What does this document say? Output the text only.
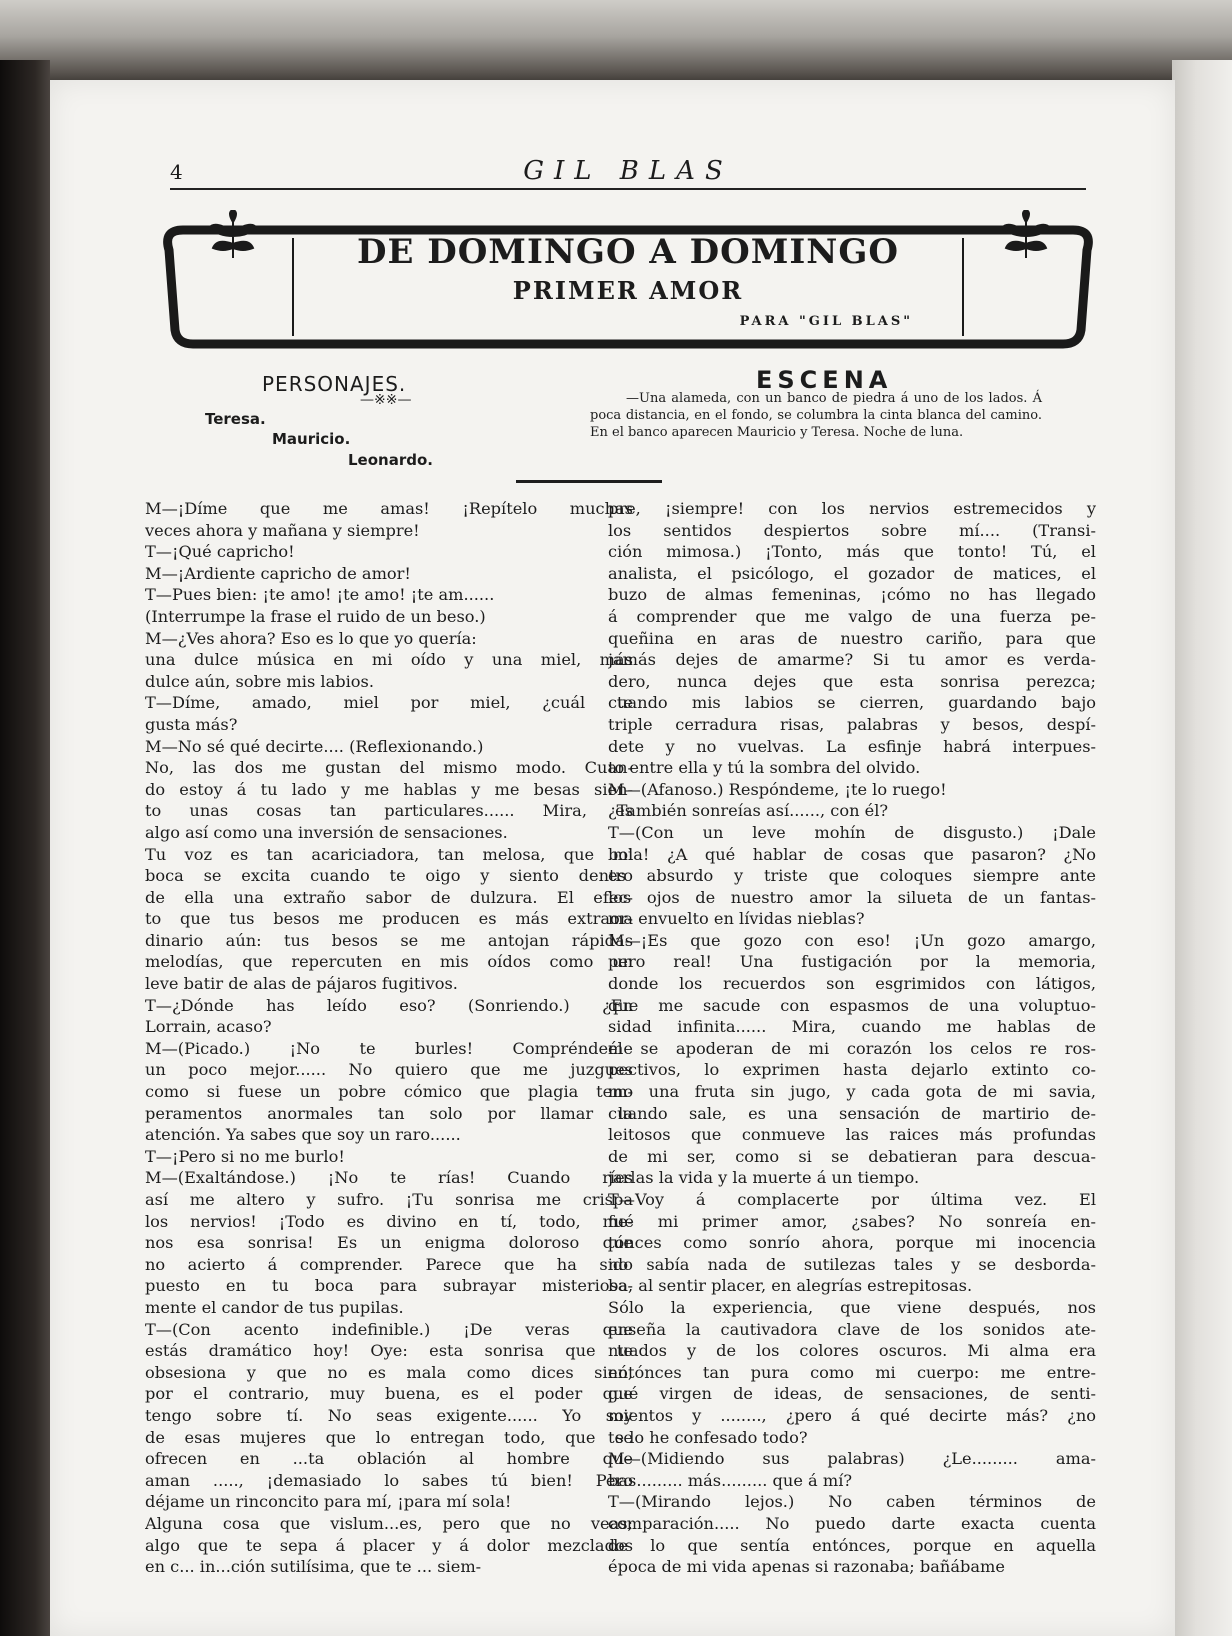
4	GIL BLAS
DE DOMINGO A DOMINGO
PRIMER AMOR
PARA "GIL BLAS"
PERSONAJES.
—※※—
Teresa.
Mauricio.
Leonardo.
ESCENA
—Una alameda, con un banco de piedra á uno de los lados. Á poca distancia, en el fondo, se columbra la cinta blanca del camino. En el banco aparecen Mauricio y Teresa. Noche de luna.
M—¡Díme que me amas! ¡Repítelo muchas
veces ahora y mañana y siempre!
T—¡Qué capricho!
M—¡Ardiente capricho de amor!
T—Pues bien: ¡te amo! ¡te amo! ¡te am......
(Interrumpe la frase el ruido de un beso.)
M—¿Ves ahora? Eso es lo que yo quería:
una dulce música en mi oído y una miel, más
dulce aún, sobre mis labios.
T—Díme, amado, miel por miel, ¿cuál te
gusta más?
M—No sé qué decirte.... (Reflexionando.)
No, las dos me gustan del mismo modo. Cuan-
do estoy á tu lado y me hablas y me besas sien-
to unas cosas tan particulares...... Mira, es
algo así como una inversión de sensaciones.
Tu voz es tan acariciadora, tan melosa, que mi
boca se excita cuando te oigo y siento dentro
de ella una extraño sabor de dulzura. El efec-
to que tus besos me producen es más extraor-
dinario aún: tus besos se me antojan rápidas
melodías, que repercuten en mis oídos como un
leve batir de alas de pájaros fugitivos.
T—¿Dónde has leído eso? (Sonriendo.) ¿En
Lorrain, acaso?
M—(Picado.) ¡No te burles! Compréndeme
un poco mejor...... No quiero que me juzgues
como si fuese un pobre cómico que plagia tem-
peramentos anormales tan solo por llamar la
atención. Ya sabes que soy un raro......
T—¡Pero si no me burlo!
M—(Exaltándose.) ¡No te rías! Cuando ríes
así me altero y sufro. ¡Tu sonrisa me crispa
los nervios! ¡Todo es divino en tí, todo, me-
nos esa sonrisa! Es un enigma doloroso que
no acierto á comprender. Parece que ha sido
puesto en tu boca para subrayar misteriosa-
mente el candor de tus pupilas.
T—(Con acento indefinible.) ¡De veras que
estás dramático hoy! Oye: esta sonrisa que te
obsesiona y que no es mala como dices sinó,
por el contrario, muy buena, es el poder que
tengo sobre tí. No seas exigente...... Yo soy
de esas mujeres que lo entregan todo, que se
ofrecen en ...ta oblación al hombre que
aman ....., ¡demasiado lo sabes tú bien! Pero
déjame un rinconcito para mí, ¡para mí sola!
Alguna cosa que vislum...es, pero que no veas;
algo que te sepa á placer y á dolor mezclados
en c... in...ción sutilísima, que te ... siem-
pre, ¡siempre! con los nervios estremecidos y
los sentidos despiertos sobre mí.... (Transi-
ción mimosa.) ¡Tonto, más que tonto! Tú, el
analista, el psicólogo, el gozador de matices, el
buzo de almas femeninas, ¡cómo no has llegado
á comprender que me valgo de una fuerza pe-
queñina en aras de nuestro cariño, para que
jamás dejes de amarme? Si tu amor es verda-
dero, nunca dejes que esta sonrisa perezca;
cuando mis labios se cierren, guardando bajo
triple cerradura risas, palabras y besos, despí-
dete y no vuelvas. La esfinje habrá interpues-
to entre ella y tú la sombra del olvido.
M—(Afanoso.) Respóndeme, ¡te lo ruego!
¿También sonreías así......, con él?
T—(Con un leve mohín de disgusto.) ¡Dale
bola! ¿A qué hablar de cosas que pasaron? ¿No
es absurdo y triste que coloques siempre ante
los ojos de nuestro amor la silueta de un fantas-
ma envuelto en lívidas nieblas?
M—¡Es que gozo con eso! ¡Un gozo amargo,
pero real! Una fustigación por la memoria,
donde los recuerdos son esgrimidos con látigos,
que me sacude con espasmos de una voluptuo-
sidad infinita...... Mira, cuando me hablas de
él se apoderan de mi corazón los celos re ros-
pectivos, lo exprimen hasta dejarlo extinto co-
mo una fruta sin jugo, y cada gota de mi savia,
cuando sale, es una sensación de martirio de-
leitosos que conmueve las raices más profundas
de mi ser, como si se debatieran para descua-
jarlas la vida y la muerte á un tiempo.
T—Voy á complacerte por última vez. El
fué mi primer amor, ¿sabes? No sonreía en-
tónces como sonrío ahora, porque mi inocencia
no sabía nada de sutilezas tales y se desborda-
ba, al sentir placer, en alegrías estrepitosas.
Sólo la experiencia, que viene después, nos
enseña la cautivadora clave de los sonidos ate-
nuados y de los colores oscuros. Mi alma era
entónces tan pura como mi cuerpo: me entre-
gué virgen de ideas, de sensaciones, de senti-
mientos y ........, ¿pero á qué decirte más? ¿no
te lo he confesado todo?
M—(Midiendo sus palabras) ¿Le......... ama-
bas......... más......... que á mí?
T—(Mirando lejos.) No caben términos de
comparación..... No puedo darte exacta cuenta
de lo que sentía entónces, porque en aquella
época de mi vida apenas si razonaba; bañábame
